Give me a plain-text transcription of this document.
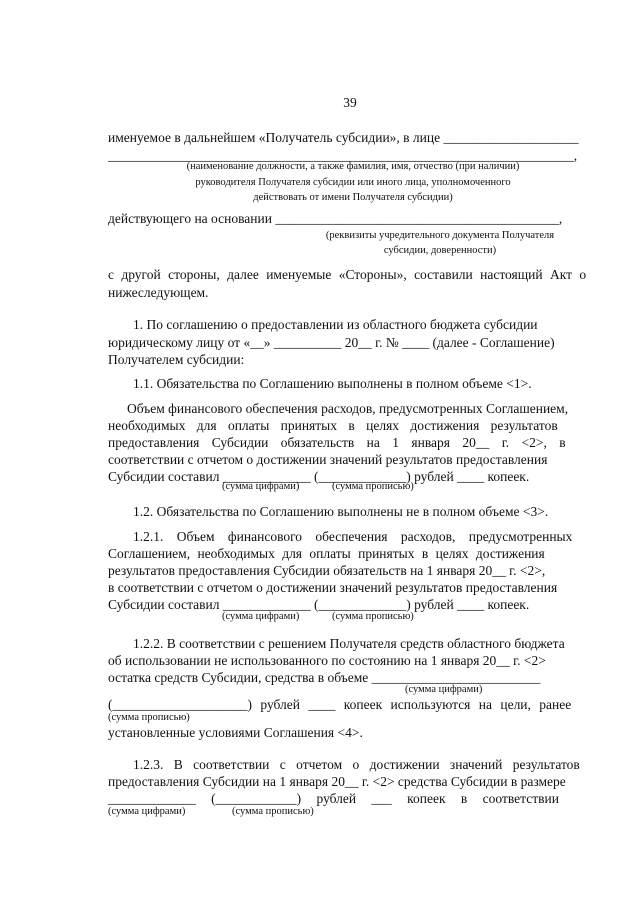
39
именуемое в дальнейшем «Получатель субсидии», в лице ____________________
_____________________________________________________________________,
(наименование должности, а также фамилия, имя, отчество (при наличии)
руководителя Получателя субсидии или иного лица, уполномоченного
действовать от имени Получателя субсидии)
действующего на основании __________________________________________,
(реквизиты учредительного документа Получателя
субсидии, доверенности)
с другой стороны, далее именуемые «Стороны», составили настоящий Акт о
нижеследующем.
1. По соглашению о предоставлении из областного бюджета субсидии
юридическому лицу от «__» __________ 20__ г. № ____ (далее - Соглашение)
Получателем субсидии:
1.1. Обязательства по Соглашению выполнены в полном объеме <1>.
Объем финансового обеспечения расходов, предусмотренных Соглашением,
необходимых для оплаты принятых в целях достижения результатов
предоставления Субсидии обязательств на 1 января 20__ г. <2>, в
соответствии с отчетом о достижении значений результатов предоставления
Субсидии составил _____________ (_____________) рублей ____ копеек.
(сумма цифрами)	(сумма прописью)
1.2. Обязательства по Соглашению выполнены не в полном объеме <3>.
1.2.1. Объем финансового обеспечения расходов, предусмотренных
Соглашением, необходимых для оплаты принятых в целях достижения
результатов предоставления Субсидии обязательств на 1 января 20__ г. <2>,
в соответствии с отчетом о достижении значений результатов предоставления
Субсидии составил _____________ (_____________) рублей ____ копеек.
(сумма цифрами)	(сумма прописью)
1.2.2. В соответствии с решением Получателя средств областного бюджета
об использовании не использованного по состоянию на 1 января 20__ г. <2>
остатка средств Субсидии, средства в объеме _________________________
(сумма цифрами)
(____________________) рублей ____ копеек используются на цели, ранее
(сумма прописью)
установленные условиями Соглашения <4>.
1.2.3. В соответствии с отчетом о достижении значений результатов
предоставления Субсидии на 1 января 20__ г. <2> средства Субсидии в размере
_____________ (____________) рублей ___ копеек в соответствии
(сумма цифрами)	(сумма прописью)
